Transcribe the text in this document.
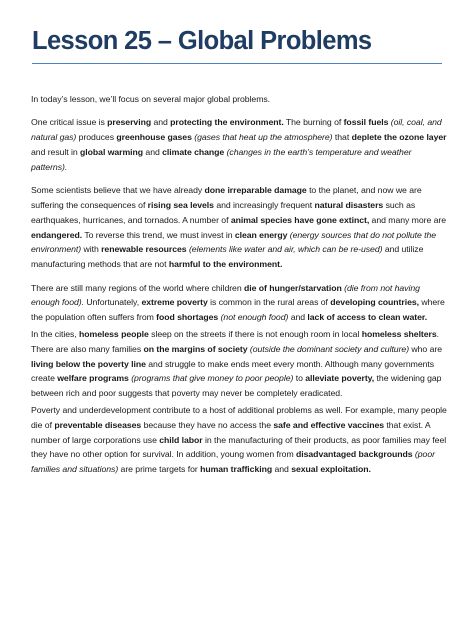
Lesson 25 – Global Problems

In today’s lesson, we’ll focus on several major global problems.

One critical issue is preserving and protecting the environment. The burning of fossil fuels (oil, coal, and natural gas) produces greenhouse gases (gases that heat up the atmosphere) that deplete the ozone layer and result in global warming and climate change (changes in the earth’s temperature and weather patterns).

Some scientists believe that we have already done irreparable damage to the planet, and now we are suffering the consequences of rising sea levels and increasingly frequent natural disasters such as earthquakes, hurricanes, and tornados. A number of animal species have gone extinct, and many more are endangered. To reverse this trend, we must invest in clean energy (energy sources that do not pollute the environment) with renewable resources (elements like water and air, which can be re-used) and utilize manufacturing methods that are not harmful to the environment.

There are still many regions of the world where children die of hunger/starvation (die from not having enough food). Unfortunately, extreme poverty is common in the rural areas of developing countries, where the population often suffers from food shortages (not enough food) and lack of access to clean water.

In the cities, homeless people sleep on the streets if there is not enough room in local homeless shelters. There are also many families on the margins of society (outside the dominant society and culture) who are living below the poverty line and struggle to make ends meet every month. Although many governments create welfare programs (programs that give money to poor people) to alleviate poverty, the widening gap between rich and poor suggests that poverty may never be completely eradicated.

Poverty and underdevelopment contribute to a host of additional problems as well. For example, many people die of preventable diseases because they have no access the safe and effective vaccines that exist. A number of large corporations use child labor in the manufacturing of their products, as poor families may feel they have no other option for survival. In addition, young women from disadvantaged backgrounds (poor families and situations) are prime targets for human trafficking and sexual exploitation.
